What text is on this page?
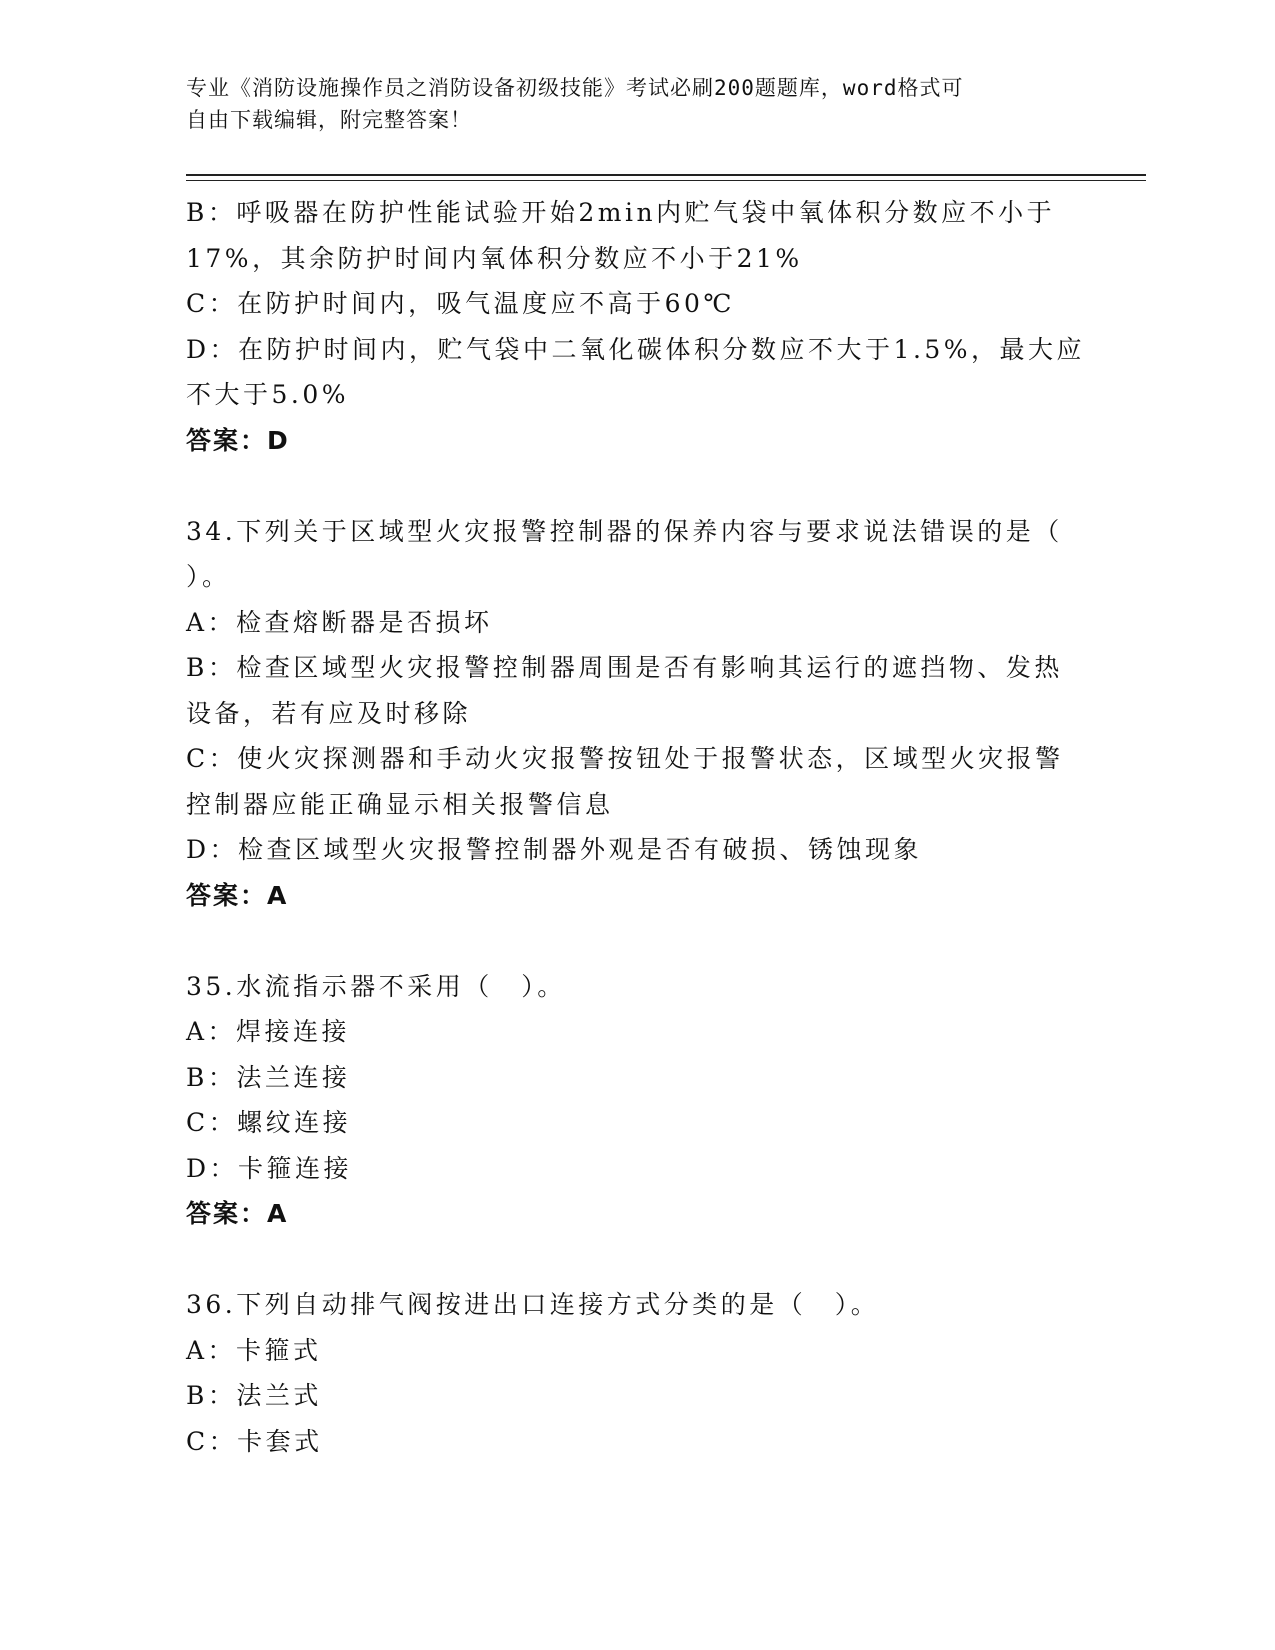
专业《消防设施操作员之消防设备初级技能》考试必刷200题题库，word格式可
自由下载编辑，附完整答案！
B：呼吸器在防护性能试验开始2min内贮气袋中氧体积分数应不小于
17%，其余防护时间内氧体积分数应不小于21%
C：在防护时间内，吸气温度应不高于60℃
D：在防护时间内，贮气袋中二氧化碳体积分数应不大于1.5%，最大应
不大于5.0%
答案：D
34.下列关于区域型火灾报警控制器的保养内容与要求说法错误的是（
）。
A：检查熔断器是否损坏
B：检查区域型火灾报警控制器周围是否有影响其运行的遮挡物、发热
设备，若有应及时移除
C：使火灾探测器和手动火灾报警按钮处于报警状态，区域型火灾报警
控制器应能正确显示相关报警信息
D：检查区域型火灾报警控制器外观是否有破损、锈蚀现象
答案：A
35.水流指示器不采用（　）。
A：焊接连接
B：法兰连接
C：螺纹连接
D：卡箍连接
答案：A
36.下列自动排气阀按进出口连接方式分类的是（　）。
A：卡箍式
B：法兰式
C：卡套式
